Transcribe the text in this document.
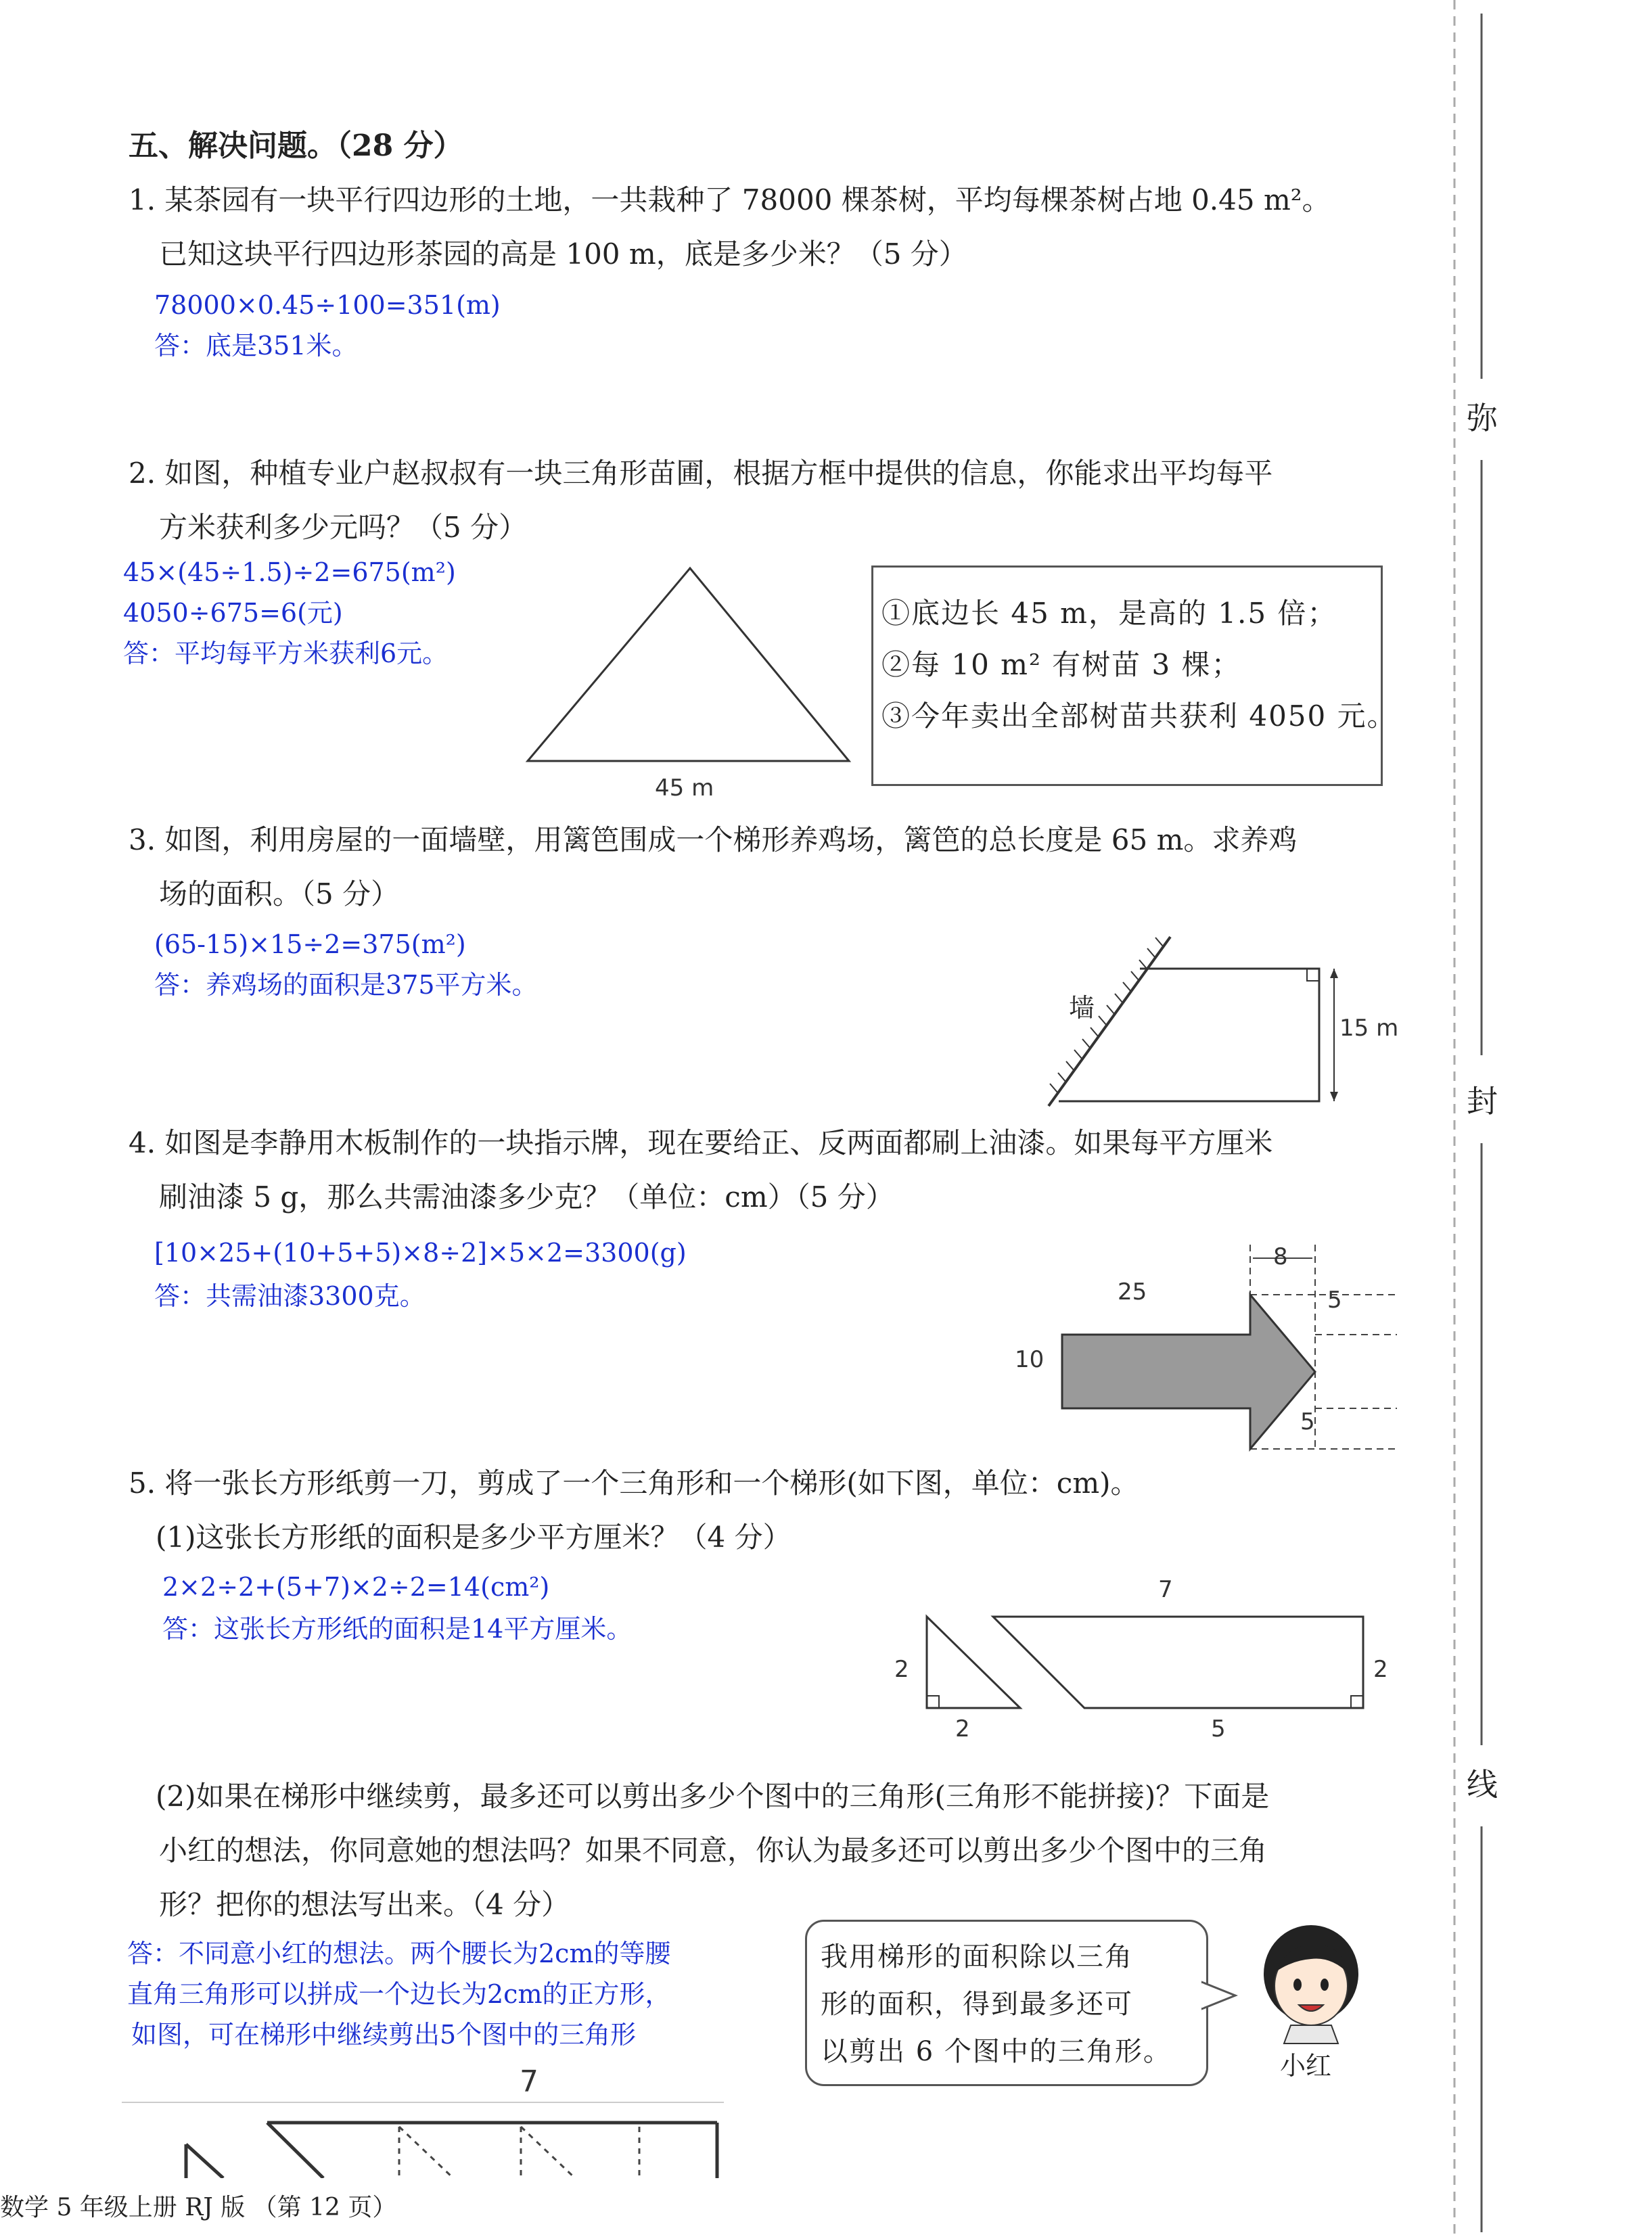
弥
封
线
五、解决问题。（28 分）
1. 某茶园有一块平行四边形的土地，一共栽种了 78000 棵茶树，平均每棵茶树占地 0.45 m²。
已知这块平行四边形茶园的高是 100 m，底是多少米？（5 分）
78000×0.45÷100=351(m)
答：底是351米。
2. 如图，种植专业户赵叔叔有一块三角形苗圃，根据方框中提供的信息，你能求出平均每平
方米获利多少元吗？（5 分）
45×(45÷1.5)÷2=675(m²)
4050÷675=6(元)
答：平均每平方米获利6元。
45 m
①底边长 45 m，是高的 1.5 倍；
②每 10 m² 有树苗 3 棵；
③今年卖出全部树苗共获利 4050 元。
3. 如图，利用房屋的一面墙壁，用篱笆围成一个梯形养鸡场，篱笆的总长度是 65 m。求养鸡
场的面积。（5 分）
(65-15)×15÷2=375(m²)
答：养鸡场的面积是375平方米。
墙
15 m
4. 如图是李静用木板制作的一块指示牌，现在要给正、反两面都刷上油漆。如果每平方厘米
刷油漆 5 g，那么共需油漆多少克？（单位：cm）（5 分）
[10×25+(10+5+5)×8÷2]×5×2=3300(g)
答：共需油漆3300克。
8
25	5
10
5
5. 将一张长方形纸剪一刀，剪成了一个三角形和一个梯形(如下图，单位：cm)。
(1)这张长方形纸的面积是多少平方厘米？（4 分）
2×2÷2+(5+7)×2÷2=14(cm²)
答：这张长方形纸的面积是14平方厘米。
2
2
7
2
5
(2)如果在梯形中继续剪，最多还可以剪出多少个图中的三角形(三角形不能拼接)？下面是
小红的想法，你同意她的想法吗？如果不同意，你认为最多还可以剪出多少个图中的三角
形？把你的想法写出来。（4 分）
答：不同意小红的想法。两个腰长为2cm的等腰
直角三角形可以拼成一个边长为2cm的正方形，
如图，可在梯形中继续剪出5个图中的三角形
我用梯形的面积除以三角
形的面积，得到最多还可
以剪出 6 个图中的三角形。	小红
7
数学 5 年级上册 RJ 版 （第 12 页）
